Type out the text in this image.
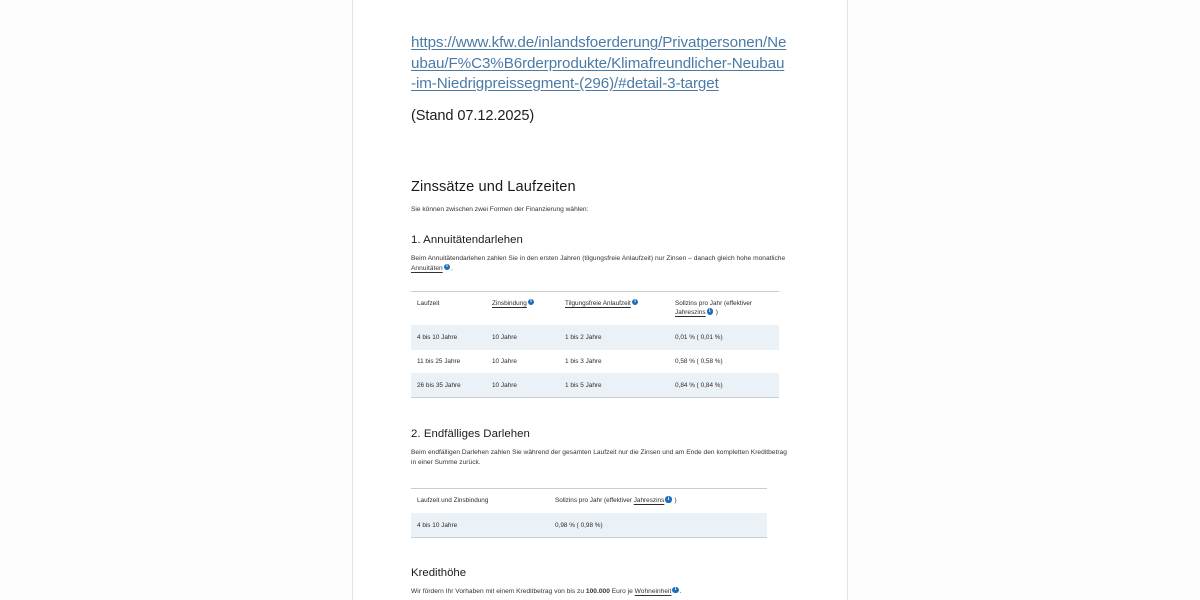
https://www.kfw.de/inlandsfoerderung/Privatpersonen/Neubau/F%C3%B6rderprodukte/Klimafreundlicher-Neubau-im-Niedrigpreissegment-(296)/#detail-3-target
(Stand 07.12.2025)
Zinssätze und Laufzeiten
Sie können zwischen zwei Formen der Finanzierung wählen:
1. Annuitätendarlehen
Beim Annuitätendarlehen zahlen Sie in den ersten Jahren (tilgungsfreie Anlaufzeit) nur Zinsen – danach gleich hohe monatliche Annuitäten i .
Laufzeit	Zinsbindungi	Tilgungsfreie Anlaufzeiti	Sollzins pro Jahr (effektiver Jahreszinsi )
4 bis 10 Jahre	10 Jahre	1 bis 2 Jahre	0,01 % ( 0,01 %)
11 bis 25 Jahre	10 Jahre	1 bis 3 Jahre	0,58 % ( 0,58 %)
26 bis 35 Jahre	10 Jahre	1 bis 5 Jahre	0,84 % ( 0,84 %)
2. Endfälliges Darlehen
Beim endfälligen Darlehen zahlen Sie während der gesamten Laufzeit nur die Zinsen und am Ende den kompletten Kreditbetrag in einer Summe zurück.
Laufzeit und Zinsbindung	Sollzins pro Jahr (effektiver Jahreszinsi )
4 bis 10 Jahre	0,98 % ( 0,98 %)
Kredithöhe
Wir fördern Ihr Vorhaben mit einem Kreditbetrag von bis zu 100.000 Euro je Wohneinheit i .
